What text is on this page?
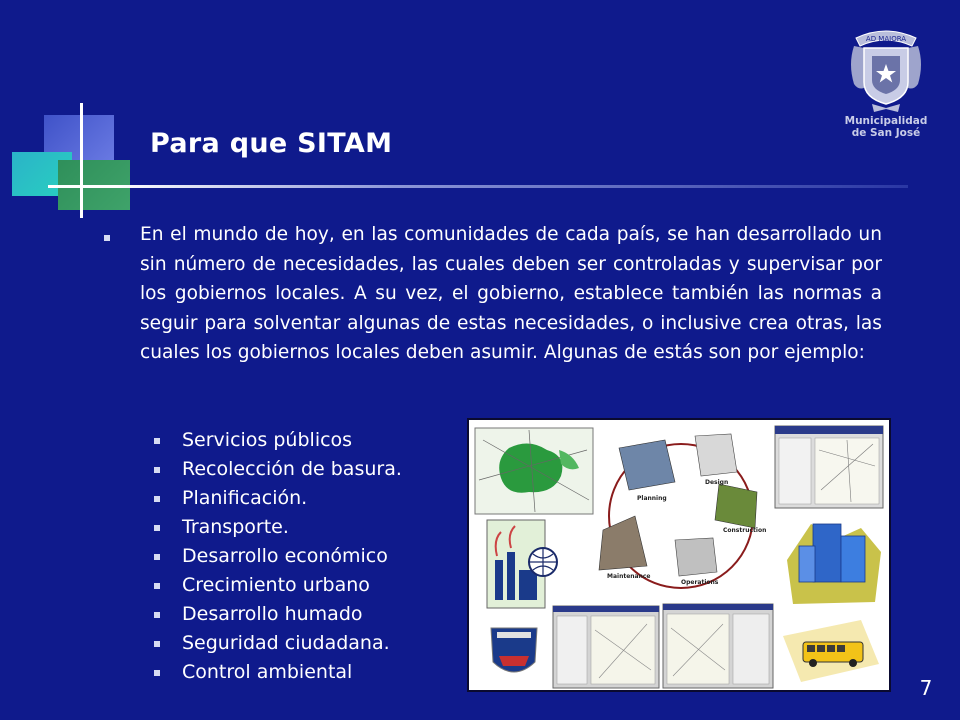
Para que SITAM
AD MAIORA
Municipalidad
de San José
En el mundo de hoy, en las comunidades de cada país, se han desarrollado un sin número de necesidades, las cuales deben ser controladas y supervisar por los gobiernos locales. A su vez, el gobierno, establece también las normas a seguir para solventar algunas de estas necesidades, o inclusive crea otras, las cuales los gobiernos locales deben asumir. Algunas de estás son por ejemplo:
Servicios públicos
Recolección de basura.
Planificación.
Transporte.
Desarrollo económico
Crecimiento urbano
Desarrollo humado
Seguridad ciudadana.
Control ambiental
Planning
Design
Construction
Operations
Maintenance
7
